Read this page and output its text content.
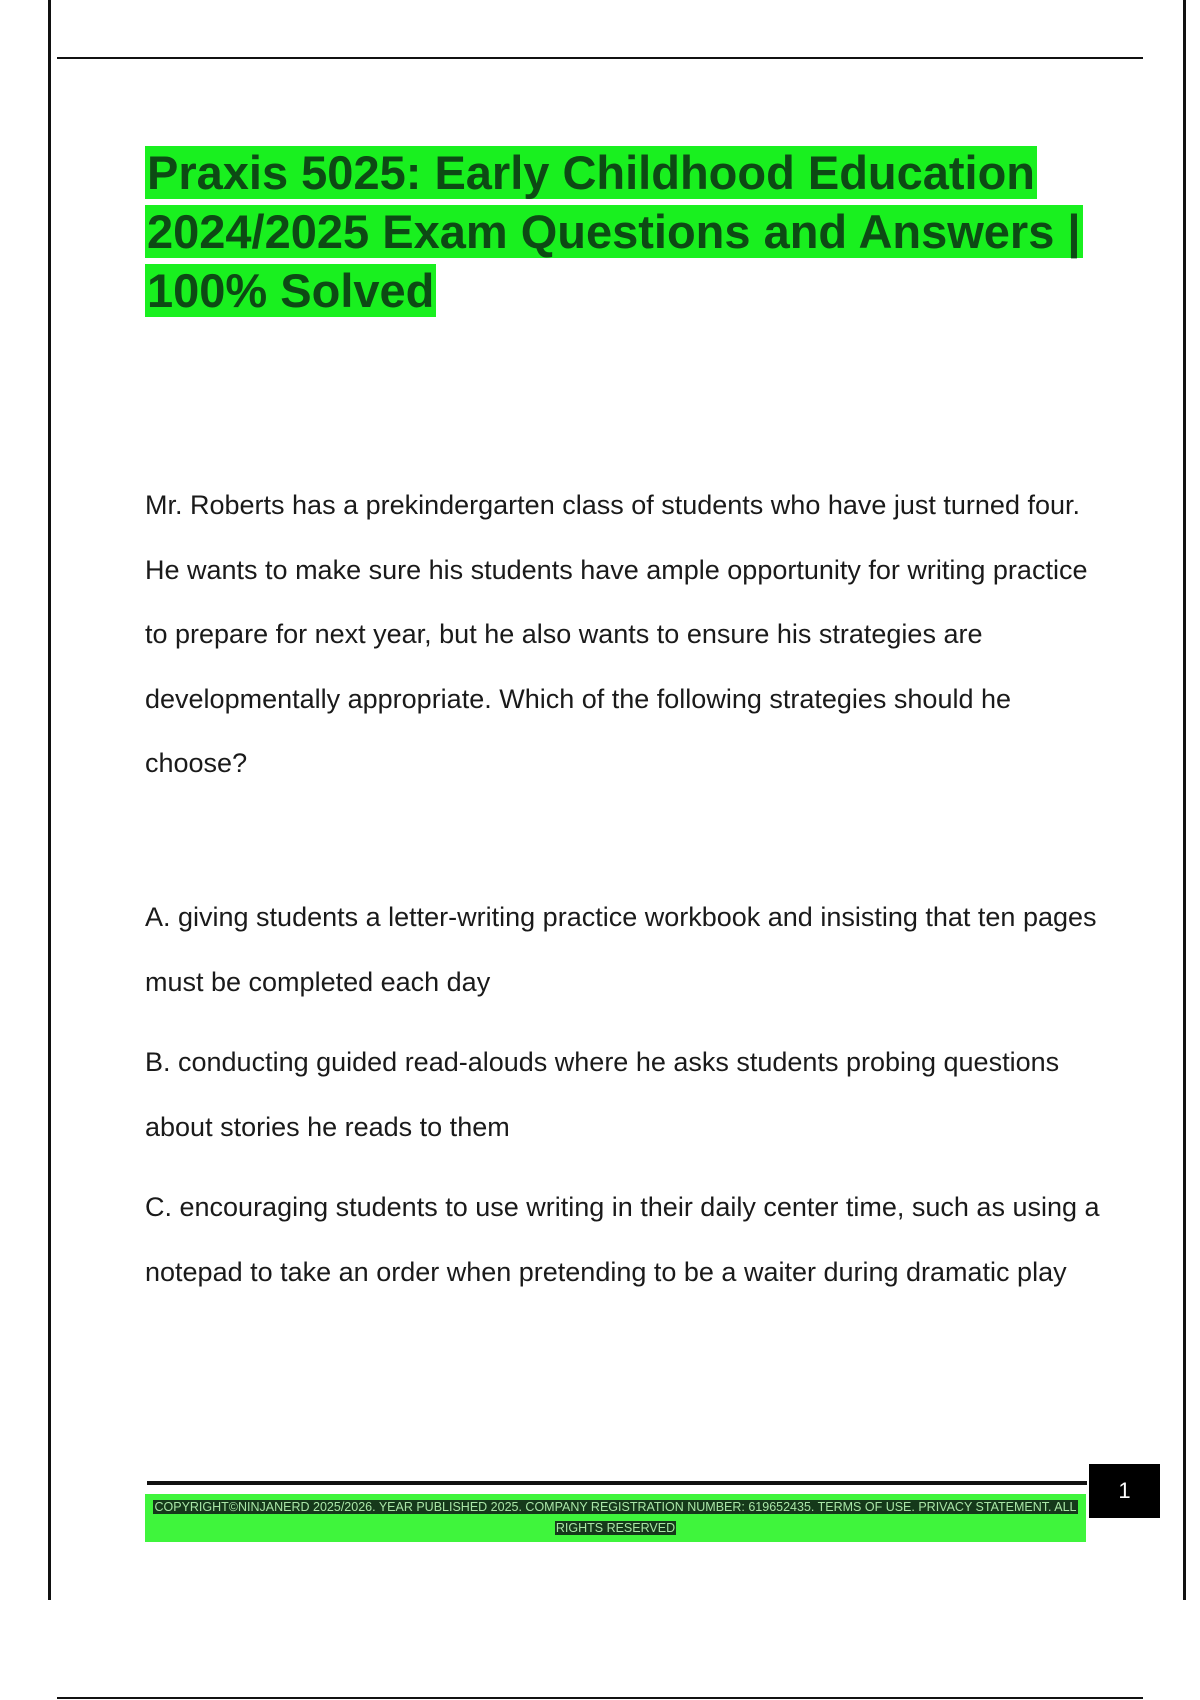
Praxis 5025: Early Childhood Education 2024/2025 Exam Questions and Answers | 100% Solved

Mr. Roberts has a prekindergarten class of students who have just turned four. He wants to make sure his students have ample opportunity for writing practice to prepare for next year, but he also wants to ensure his strategies are developmentally appropriate. Which of the following strategies should he choose?

A. giving students a letter-writing practice workbook and insisting that ten pages must be completed each day
B. conducting guided read-alouds where he asks students probing questions about stories he reads to them
C. encouraging students to use writing in their daily center time, such as using a notepad to take an order when pretending to be a waiter during dramatic play
1
COPYRIGHT©NINJANERD 2025/2026. YEAR PUBLISHED 2025. COMPANY REGISTRATION NUMBER: 619652435. TERMS OF USE. PRIVACY STATEMENT. ALL RIGHTS RESERVED
